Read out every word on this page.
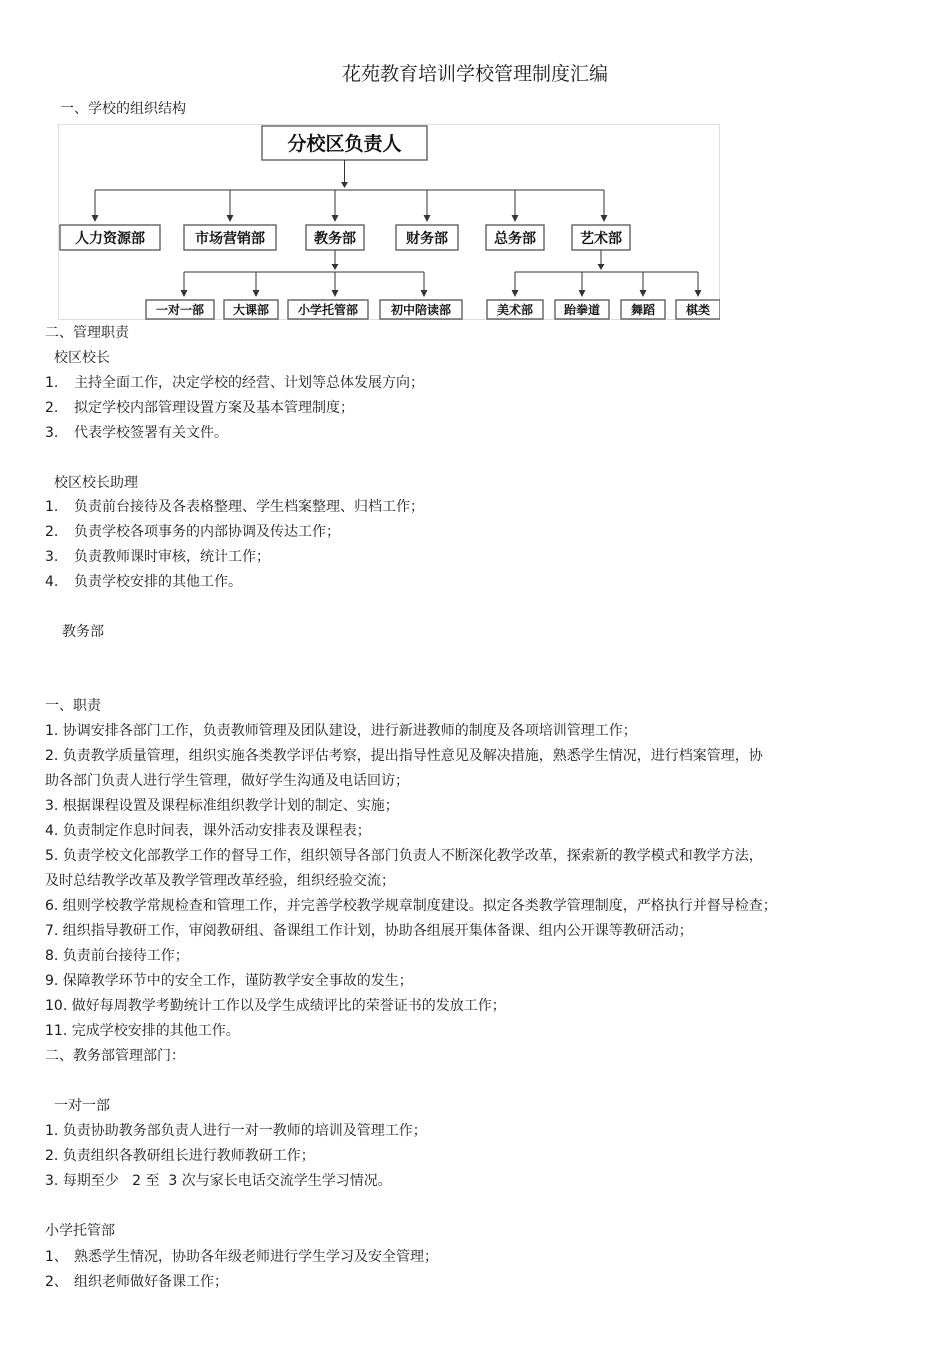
花苑教育培训学校管理制度汇编
一、学校的组织结构
分校区负责人
人力资源部	市场营销部	教务部	财务部	总务部	艺术部
一对一部 大课部 小学托管部	初中陪读部	美术部	跆拳道	舞蹈	棋类
二、管理职责
校区校长
1. 主持全面工作，决定学校的经营、计划等总体发展方向；
2. 拟定学校内部管理设置方案及基本管理制度；
3. 代表学校签署有关文件。
校区校长助理
1. 负责前台接待及各表格整理、学生档案整理、归档工作；
2. 负责学校各项事务的内部协调及传达工作；
3. 负责教师课时审核，统计工作；
4. 负责学校安排的其他工作。
教务部
一、职责
1. 协调安排各部门工作，负责教师管理及团队建设，进行新进教师的制度及各项培训管理工作；
2. 负责教学质量管理，组织实施各类教学评估考察，提出指导性意见及解决措施，熟悉学生情况，进行档案管理，协
助各部门负责人进行学生管理，做好学生沟通及电话回访；
3. 根据课程设置及课程标准组织教学计划的制定、实施；
4. 负责制定作息时间表，课外活动安排表及课程表；
5. 负责学校文化部教学工作的督导工作，组织领导各部门负责人不断深化教学改革，探索新的教学模式和教学方法，
及时总结教学改革及教学管理改革经验，组织经验交流；
6. 组则学校教学常规检查和管理工作，并完善学校教学规章制度建设。拟定各类教学管理制度，严格执行并督导检查；
7. 组织指导教研工作，审阅教研组、备课组工作计划，协助各组展开集体备课、组内公开课等教研活动；
8. 负责前台接待工作；
9. 保障教学环节中的安全工作，谨防教学安全事故的发生；
10. 做好每周教学考勤统计工作以及学生成绩评比的荣誉证书的发放工作；
11. 完成学校安排的其他工作。
二、教务部管理部门：
一对一部
1. 负责协助教务部负责人进行一对一教师的培训及管理工作；
2. 负责组织各教研组长进行教师教研工作；
3. 每期至少   2 至  3 次与家长电话交流学生学习情况。
小学托管部
1、 熟悉学生情况，协助各年级老师进行学生学习及安全管理；
2、 组织老师做好备课工作；
